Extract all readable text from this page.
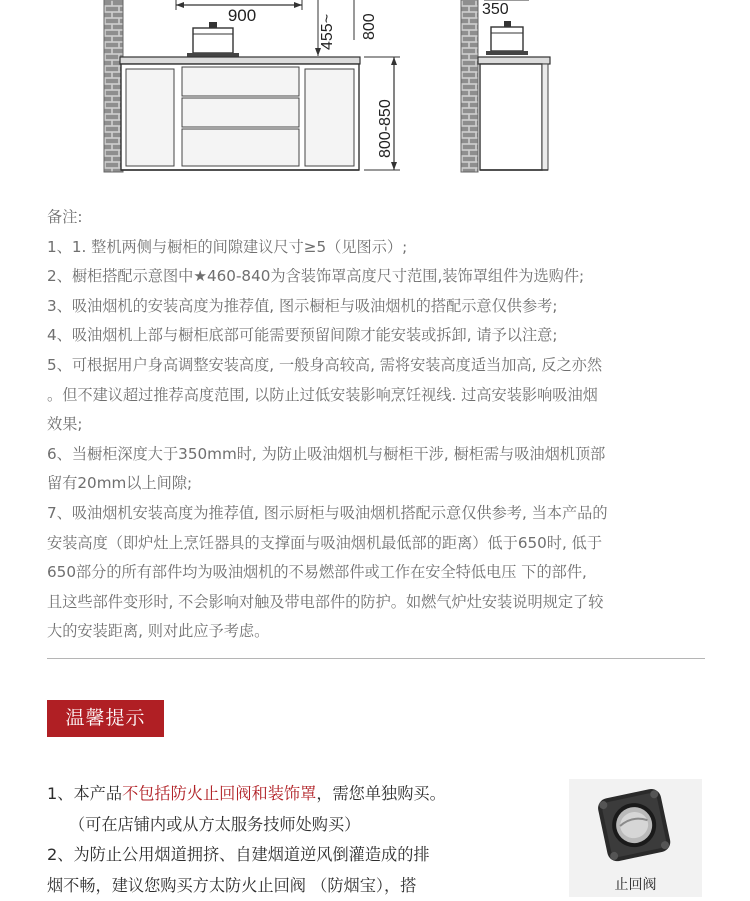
900	455~ 800
800-850
350
备注:
1、1. 整机两侧与橱柜的间隙建议尺寸≥5（见图示）;
2、橱柜搭配示意图中★460-840为含装饰罩高度尺寸范围,装饰罩组件为选购件;
3、吸油烟机的安装高度为推荐值, 图示橱柜与吸油烟机的搭配示意仅供参考;
4、吸油烟机上部与橱柜底部可能需要预留间隙才能安装或拆卸, 请予以注意;
5、可根据用户身高调整安装高度, 一般身高较高, 需将安装高度适当加高, 反之亦然
。但不建议超过推荐高度范围, 以防止过低安装影响烹饪视线. 过高安装影响吸油烟
效果;
6、当橱柜深度大于350mm时, 为防止吸油烟机与橱柜干涉, 橱柜需与吸油烟机顶部
留有20mm以上间隙;
7、吸油烟机安装高度为推荐值, 图示厨柜与吸油烟机搭配示意仅供参考, 当本产品的
安装高度（即炉灶上烹饪器具的支撑面与吸油烟机最低部的距离）低于650时, 低于
650部分的所有部件均为吸油烟机的不易燃部件或工作在安全特低电压 下的部件,
且这些部件变形时, 不会影响对触及带电部件的防护。如燃气炉灶安装说明规定了较
大的安装距离, 则对此应予考虑。
温馨提示
1、本产品不包括防火止回阀和装饰罩，需您单独购买。
（可在店铺内或从方太服务技师处购买）
2、为防止公用烟道拥挤、自建烟道逆风倒灌造成的排
烟不畅，建议您购买方太防火止回阀 （防烟宝），搭	止回阀
